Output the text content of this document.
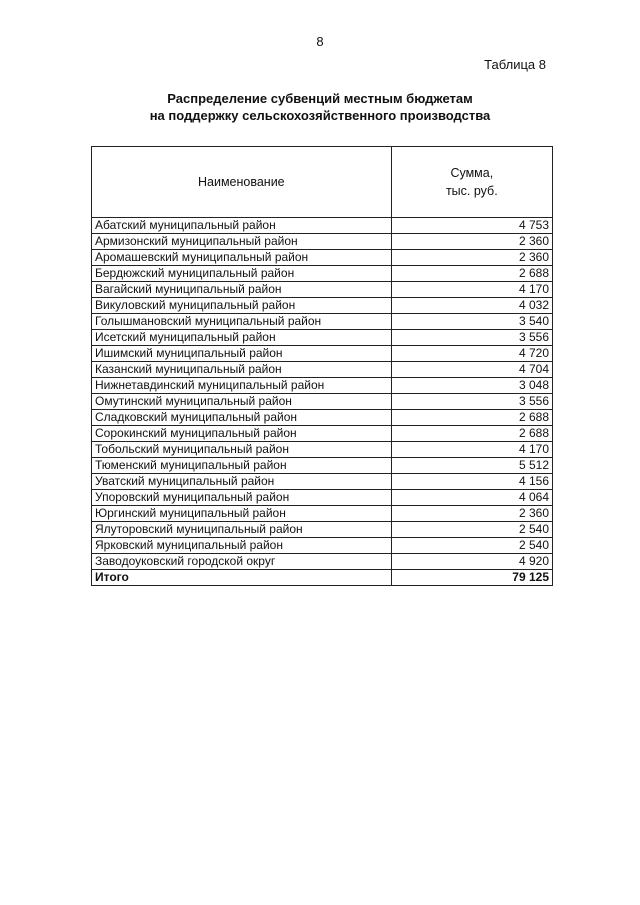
8
Таблица 8
Распределение субвенций местным бюджетам
на поддержку сельскохозяйственного производства
Наименование	Сумма,
тыс. руб.

Абатский муниципальный район	4 753
Армизонский муниципальный район	2 360
Аромашевский муниципальный район	2 360
Бердюжский муниципальный район	2 688
Вагайский муниципальный район	4 170
Викуловский муниципальный район	4 032
Голышмановский муниципальный район	3 540
Исетский муниципальный район	3 556
Ишимский муниципальный район	4 720
Казанский муниципальный район	4 704
Нижнетавдинский муниципальный район	3 048
Омутинский муниципальный район	3 556
Сладковский муниципальный район	2 688
Сорокинский муниципальный район	2 688
Тобольский муниципальный район	4 170
Тюменский муниципальный район	5 512
Уватский муниципальный район	4 156
Упоровский муниципальный район	4 064
Юргинский муниципальный район	2 360
Ялуторовский муниципальный район	2 540
Ярковский муниципальный район	2 540
Заводоуковский городской округ	4 920
Итого	79 125
